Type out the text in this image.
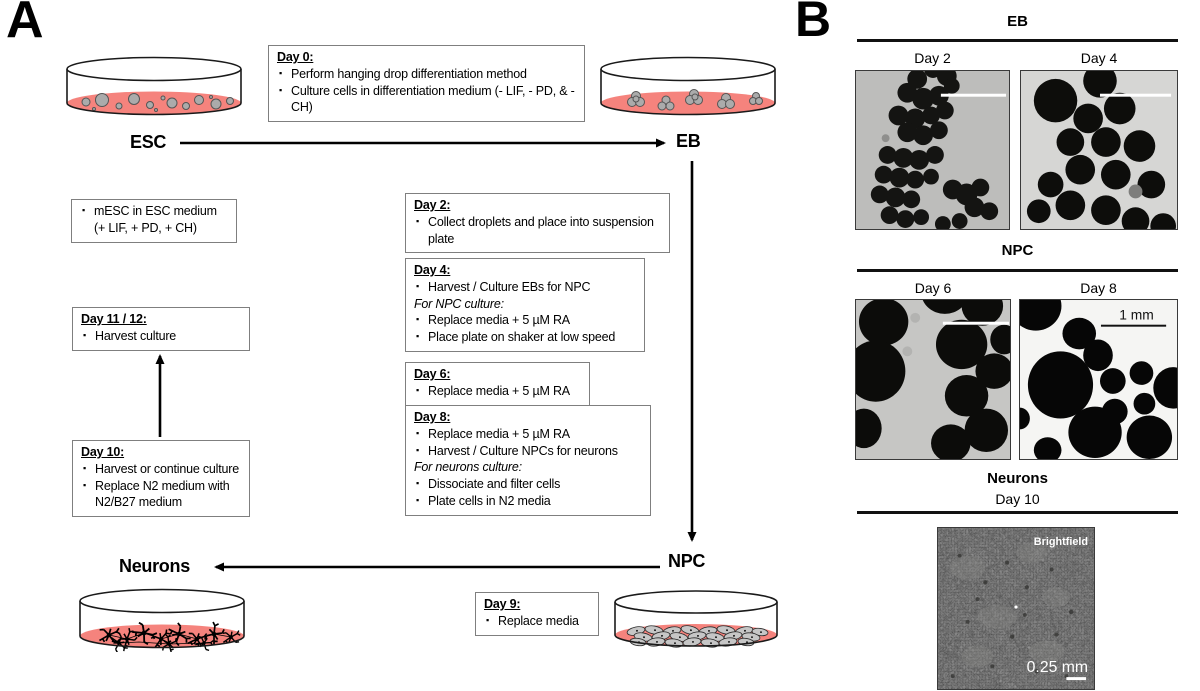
A
ESC	EB
NPC
Neurons
Day 0:
▪ Perform hanging drop differentiation method
▪ Culture cells in differentiation medium (- LIF, - PD, & - CH)
▪ mESC in ESC medium (+ LIF, + PD, + CH)
Day 2:
▪ Collect droplets and place into suspension plate
Day 4:
▪ Harvest / Culture EBs for NPC
For NPC culture:
▪ Replace media + 5 µM RA
▪ Place plate on shaker at low speed
Day 6:
▪ Replace media + 5 µM RA
Day 8:
▪ Replace media + 5 µM RA
▪ Harvest / Culture NPCs for neurons
For neurons culture:
▪ Dissociate and filter cells
▪ Plate cells in N2 media
Day 11 / 12:
▪ Harvest culture
Day 10:
▪ Harvest or continue culture
▪ Replace N2 medium with N2/B27 medium
Day 9:
▪ Replace media
B	EB
Day 2	Day 4
NPC
Day 6	Day 8
1 mm
Neurons
Day 10
Brightfield
0.25 mm
